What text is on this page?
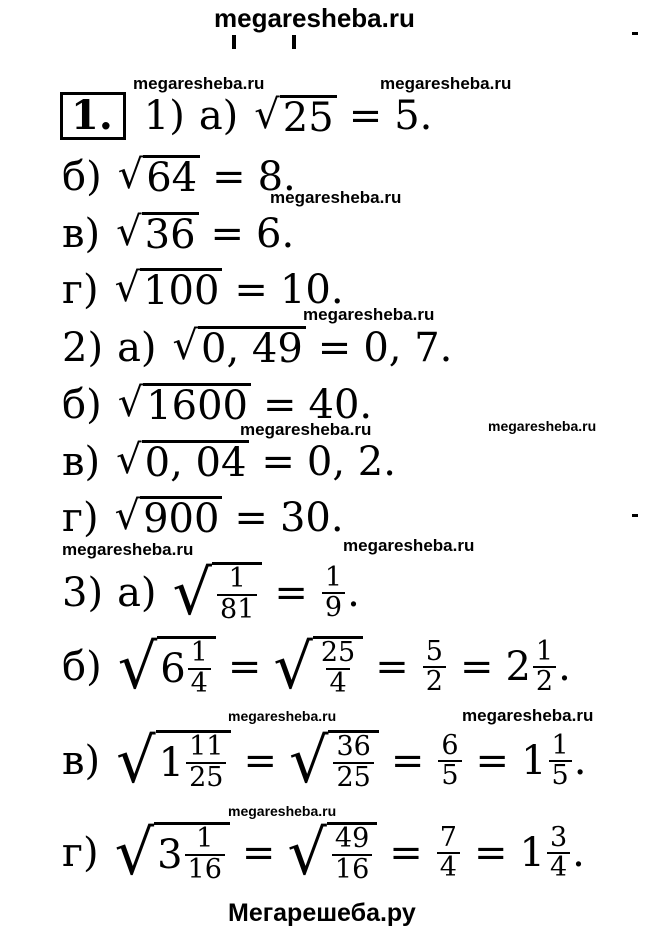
megaresheba.ru
megaresheba.ru	megaresheba.ru
megaresheba.ru
megaresheba.ru
megaresheba.ru
megaresheba.ru
megaresheba.ru	megaresheba.ru
megaresheba.ru	megaresheba.ru
megaresheba.ru
Мегарешеба.ру
1. 1) а) √ 25 = 5.
б) √ 64 = 8.
в) √ 36 = 6.
г) √ 100 = 10.
2) а) √ 0, 49 = 0, 7.
б) √ 1600 = 40.
в) √ 0, 04 = 0, 2.
г) √ 900 = 30.
3) а) √ $\frac{1}{81} = \frac{1}{9}$ .
б) √ $6 \frac{1}{4}$ = √ $\frac{25}{4} = \frac{5}{2} = 2 \frac{1}{2}$ .
в) √ $1 \frac{11}{25}$ = √ $\frac{36}{25} = \frac{6}{5} = 1 \frac{1}{5}$ .
г) √ $3 \frac{1}{16}$ = √ $\frac{49}{16} = \frac{7}{4} = 1 \frac{3}{4}$ .
